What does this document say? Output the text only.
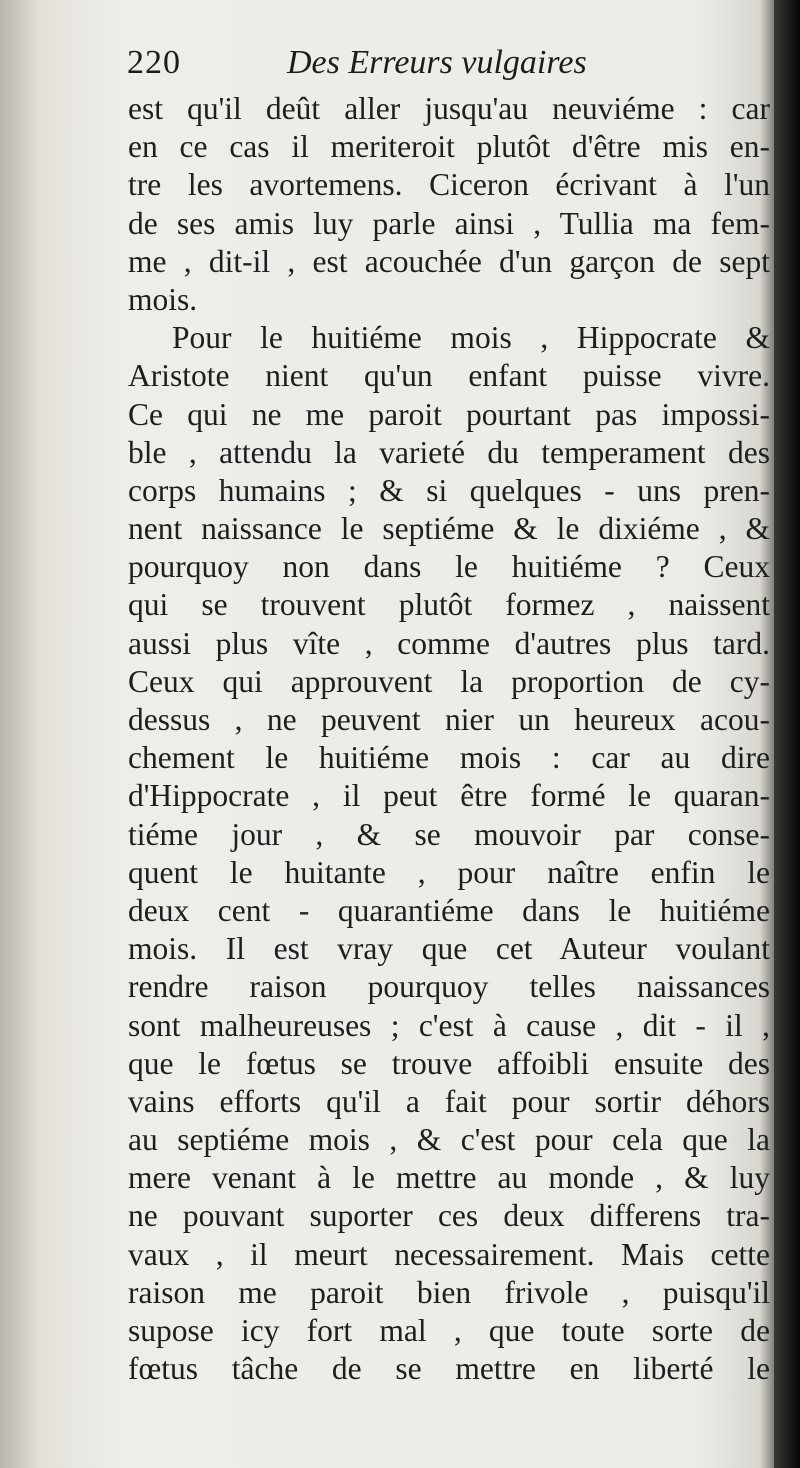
220	Des Erreurs vulgaires
est qu'il deût aller jusqu'au neuviéme : car
en ce cas il meriteroit plutôt d'être mis en-
tre les avortemens. Ciceron écrivant à l'un
de ses amis luy parle ainsi , Tullia ma fem-
me , dit-il , est acouchée d'un garçon de sept
mois.
Pour le huitiéme mois , Hippocrate &
Aristote nient qu'un enfant puisse vivre.
Ce qui ne me paroit pourtant pas impossi-
ble , attendu la varieté du temperament des
corps humains ; & si quelques - uns pren-
nent naissance le septiéme & le dixiéme , &
pourquoy non dans le huitiéme ? Ceux
qui se trouvent plutôt formez , naissent
aussi plus vîte , comme d'autres plus tard.
Ceux qui approuvent la proportion de cy-
dessus , ne peuvent nier un heureux acou-
chement le huitiéme mois : car au dire
d'Hippocrate , il peut être formé le quaran-
tiéme jour , & se mouvoir par conse-
quent le huitante , pour naître enfin le
deux cent - quarantiéme dans le huitiéme
mois. Il est vray que cet Auteur voulant
rendre raison pourquoy telles naissances
sont malheureuses ; c'est à cause , dit - il ,
que le fœtus se trouve affoibli ensuite des
vains efforts qu'il a fait pour sortir déhors
au septiéme mois , & c'est pour cela que la
mere venant à le mettre au monde , & luy
ne pouvant suporter ces deux differens tra-
vaux , il meurt necessairement. Mais cette
raison me paroit bien frivole , puisqu'il
supose icy fort mal , que toute sorte de
fœtus tâche de se mettre en liberté le
